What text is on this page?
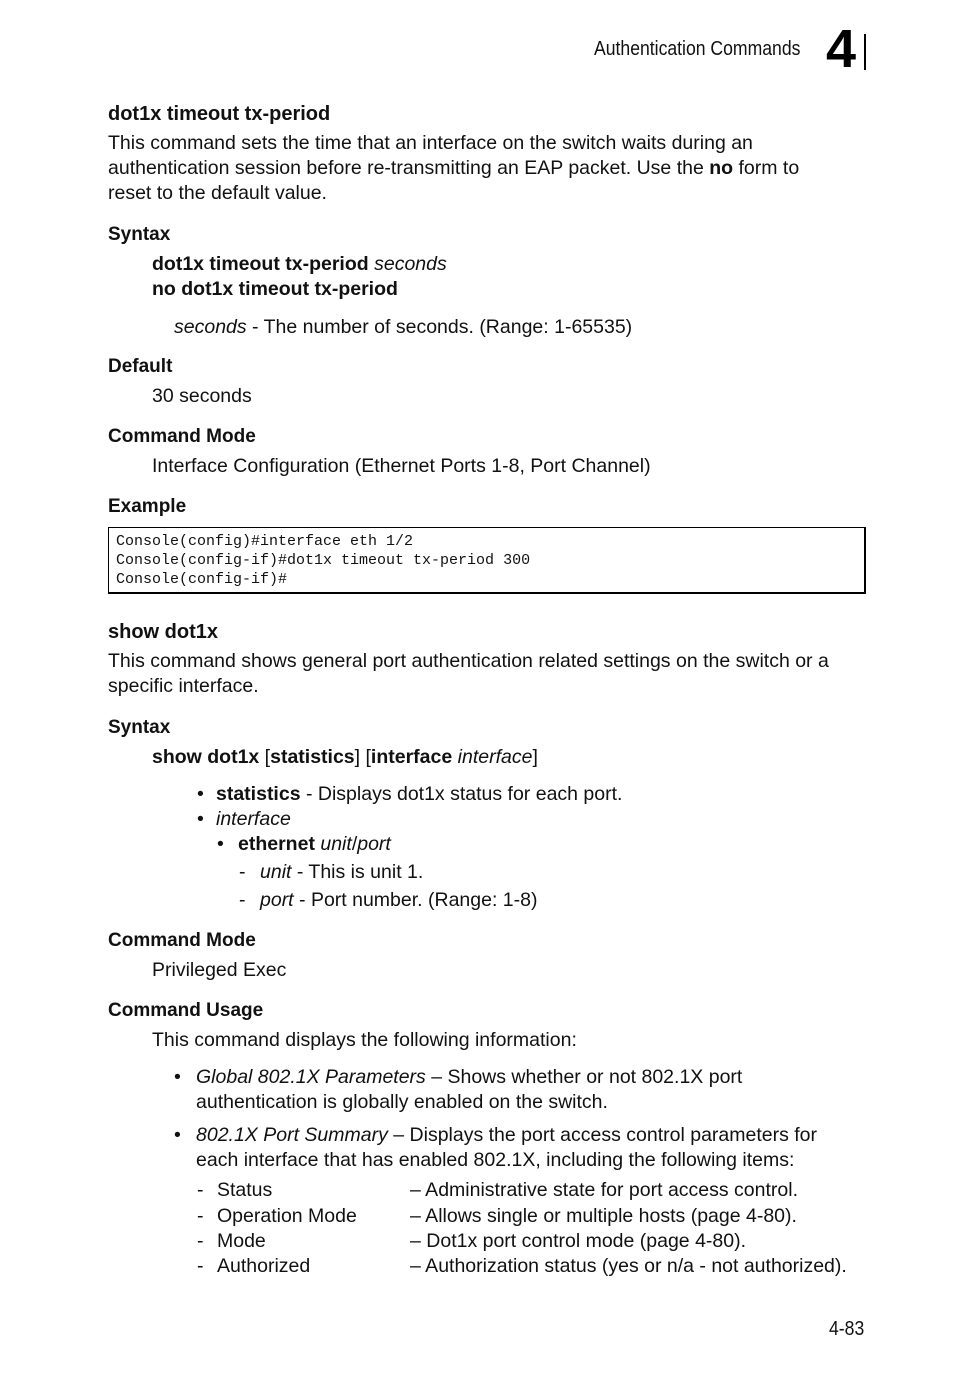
Authentication Commands 4
dot1x timeout tx-period
This command sets the time that an interface on the switch waits during an
authentication session before re-transmitting an EAP packet. Use the no form to
reset to the default value.
Syntax
dot1x timeout tx-period seconds
no dot1x timeout tx-period
seconds - The number of seconds. (Range: 1-65535)
Default
30 seconds
Command Mode
Interface Configuration (Ethernet Ports 1-8, Port Channel)
Example
Console(config)#interface eth 1/2
Console(config-if)#dot1x timeout tx-period 300
Console(config-if)#
show dot1x
This command shows general port authentication related settings on the switch or a
specific interface.
Syntax
show dot1x [statistics] [interface interface]
• statistics - Displays dot1x status for each port.
• interface
• ethernet unit/port
- unit - This is unit 1.
- port - Port number. (Range: 1-8)
Command Mode
Privileged Exec
Command Usage
This command displays the following information:
• Global 802.1X Parameters – Shows whether or not 802.1X port
authentication is globally enabled on the switch.
• 802.1X Port Summary – Displays the port access control parameters for
each interface that has enabled 802.1X, including the following items:
- Status	– Administrative state for port access control.
- Operation Mode	– Allows single or multiple hosts (page 4-80).
- Mode	– Dot1x port control mode (page 4-80).
- Authorized	– Authorization status (yes or n/a - not authorized).
4-83
